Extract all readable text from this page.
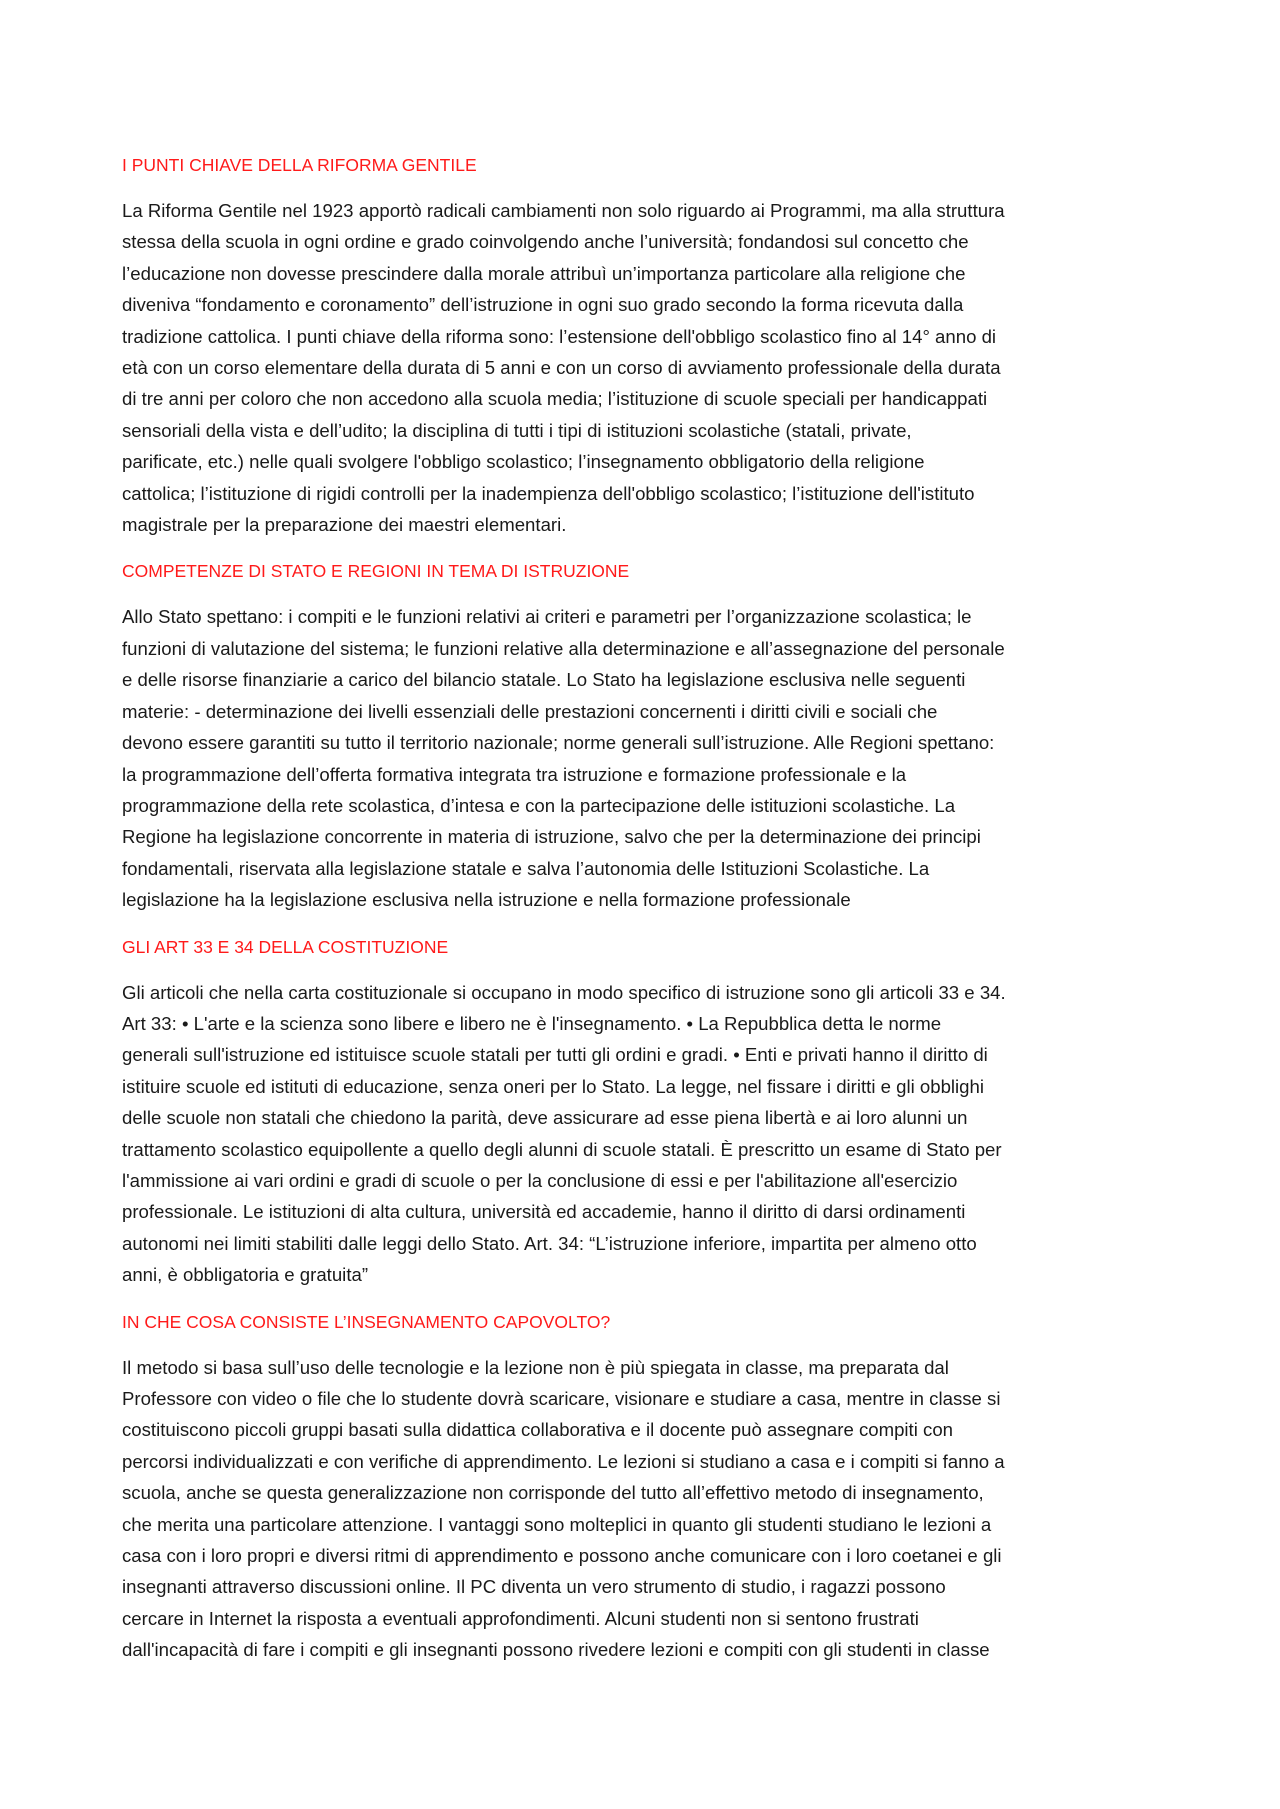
I PUNTI CHIAVE DELLA RIFORMA GENTILE

La Riforma Gentile nel 1923 apportò radicali cambiamenti non solo riguardo ai Programmi, ma alla struttura
stessa della scuola in ogni ordine e grado coinvolgendo anche l’università; fondandosi sul concetto che
l’educazione non dovesse prescindere dalla morale attribuì un’importanza particolare alla religione che
diveniva “fondamento e coronamento” dell’istruzione in ogni suo grado secondo la forma ricevuta dalla
tradizione cattolica. I punti chiave della riforma sono: l’estensione dell'obbligo scolastico fino al 14° anno di
età con un corso elementare della durata di 5 anni e con un corso di avviamento professionale della durata
di tre anni per coloro che non accedono alla scuola media; l’istituzione di scuole speciali per handicappati
sensoriali della vista e dell’udito; la disciplina di tutti i tipi di istituzioni scolastiche (statali, private,
parificate, etc.) nelle quali svolgere l'obbligo scolastico; l’insegnamento obbligatorio della religione
cattolica; l’istituzione di rigidi controlli per la inadempienza dell'obbligo scolastico; l’istituzione dell'istituto
magistrale per la preparazione dei maestri elementari.

COMPETENZE DI STATO E REGIONI IN TEMA DI ISTRUZIONE

Allo Stato spettano: i compiti e le funzioni relativi ai criteri e parametri per l’organizzazione scolastica; le
funzioni di valutazione del sistema; le funzioni relative alla determinazione e all’assegnazione del personale
e delle risorse finanziarie a carico del bilancio statale. Lo Stato ha legislazione esclusiva nelle seguenti
materie: - determinazione dei livelli essenziali delle prestazioni concernenti i diritti civili e sociali che
devono essere garantiti su tutto il territorio nazionale; norme generali sull’istruzione. Alle Regioni spettano:
la programmazione dell’offerta formativa integrata tra istruzione e formazione professionale e la
programmazione della rete scolastica, d’intesa e con la partecipazione delle istituzioni scolastiche. La
Regione ha legislazione concorrente in materia di istruzione, salvo che per la determinazione dei principi
fondamentali, riservata alla legislazione statale e salva l’autonomia delle Istituzioni Scolastiche. La
legislazione ha la legislazione esclusiva nella istruzione e nella formazione professionale

GLI ART 33 E 34 DELLA COSTITUZIONE

Gli articoli che nella carta costituzionale si occupano in modo specifico di istruzione sono gli articoli 33 e 34.
Art 33: • L'arte e la scienza sono libere e libero ne è l'insegnamento. • La Repubblica detta le norme
generali sull'istruzione ed istituisce scuole statali per tutti gli ordini e gradi. • Enti e privati hanno il diritto di
istituire scuole ed istituti di educazione, senza oneri per lo Stato. La legge, nel fissare i diritti e gli obblighi
delle scuole non statali che chiedono la parità, deve assicurare ad esse piena libertà e ai loro alunni un
trattamento scolastico equipollente a quello degli alunni di scuole statali. È prescritto un esame di Stato per
l'ammissione ai vari ordini e gradi di scuole o per la conclusione di essi e per l'abilitazione all'esercizio
professionale. Le istituzioni di alta cultura, università ed accademie, hanno il diritto di darsi ordinamenti
autonomi nei limiti stabiliti dalle leggi dello Stato. Art. 34: “L’istruzione inferiore, impartita per almeno otto
anni, è obbligatoria e gratuita”

IN CHE COSA CONSISTE L’INSEGNAMENTO CAPOVOLTO?

Il metodo si basa sull’uso delle tecnologie e la lezione non è più spiegata in classe, ma preparata dal
Professore con video o file che lo studente dovrà scaricare, visionare e studiare a casa, mentre in classe si
costituiscono piccoli gruppi basati sulla didattica collaborativa e il docente può assegnare compiti con
percorsi individualizzati e con verifiche di apprendimento. Le lezioni si studiano a casa e i compiti si fanno a
scuola, anche se questa generalizzazione non corrisponde del tutto all’effettivo metodo di insegnamento,
che merita una particolare attenzione. I vantaggi sono molteplici in quanto gli studenti studiano le lezioni a
casa con i loro propri e diversi ritmi di apprendimento e possono anche comunicare con i loro coetanei e gli
insegnanti attraverso discussioni online. Il PC diventa un vero strumento di studio, i ragazzi possono
cercare in Internet la risposta a eventuali approfondimenti. Alcuni studenti non si sentono frustrati
dall'incapacità di fare i compiti e gli insegnanti possono rivedere lezioni e compiti con gli studenti in classe
